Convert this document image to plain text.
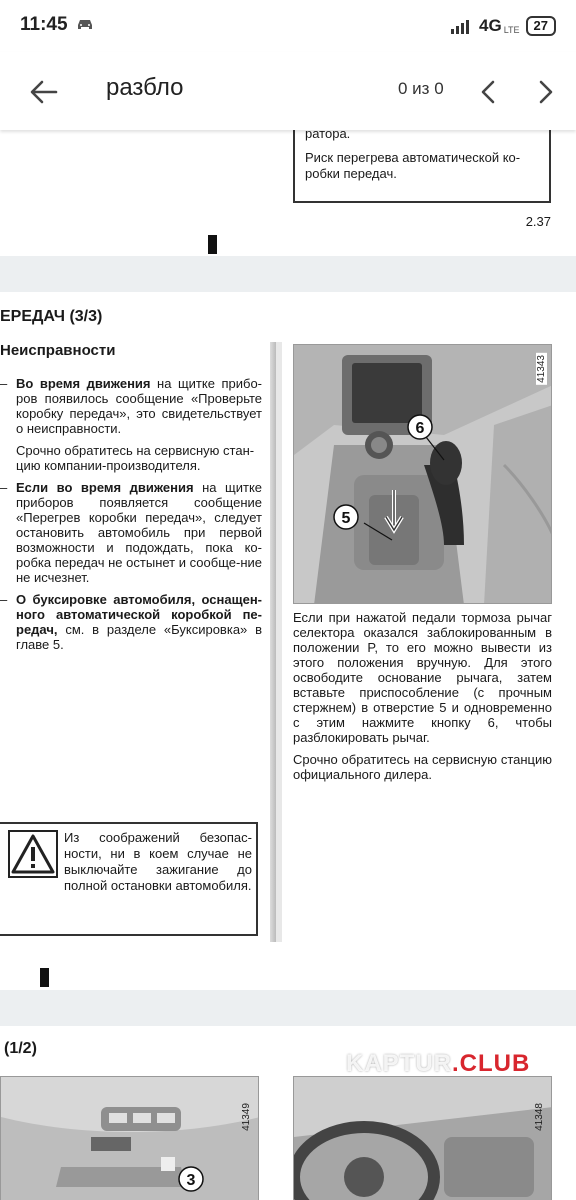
11:45	4G LTE	27
разбло	0 из 0

ратора.

Риск перегрева автоматической ко-робки передач.

2.37
ЕРЕДАЧ (3/3)
Неисправности
– Во время движения на щитке прибо-ров появилось сообщение «Проверьте коробку передач», это свидетельствует о неисправности.
Срочно обратитесь на сервисную стан-цию компании-производителя.
– Если во время движения на щитке приборов появляется сообщение «Перегрев коробки передач», следует остановить автомобиль при первой возможности и подождать, пока ко-робка передач не остынет и сообще-ние не исчезнет.
– О буксировке автомобиля, оснащен-ного автоматической коробкой пе-редач, см. в разделе «Буксировка» в главе 5.
5
6
41343

Если при нажатой педали тормоза рычаг селектора оказался заблокированным в положении P, то его можно вывести из этого положения вручную. Для этого освободите основание рычага, затем вставьте приспособление (с прочным стержнем) в отверстие 5 и одновременно с этим нажмите кнопку 6, чтобы разблокировать рычаг.

Срочно обратитесь на сервисную станцию официального дилера.

Из соображений безопас-ности, ни в коем случае не выключайте зажигание до полной остановки автомобиля.
(1/2)
3
41349	41348
KAPTUR.CLUB
